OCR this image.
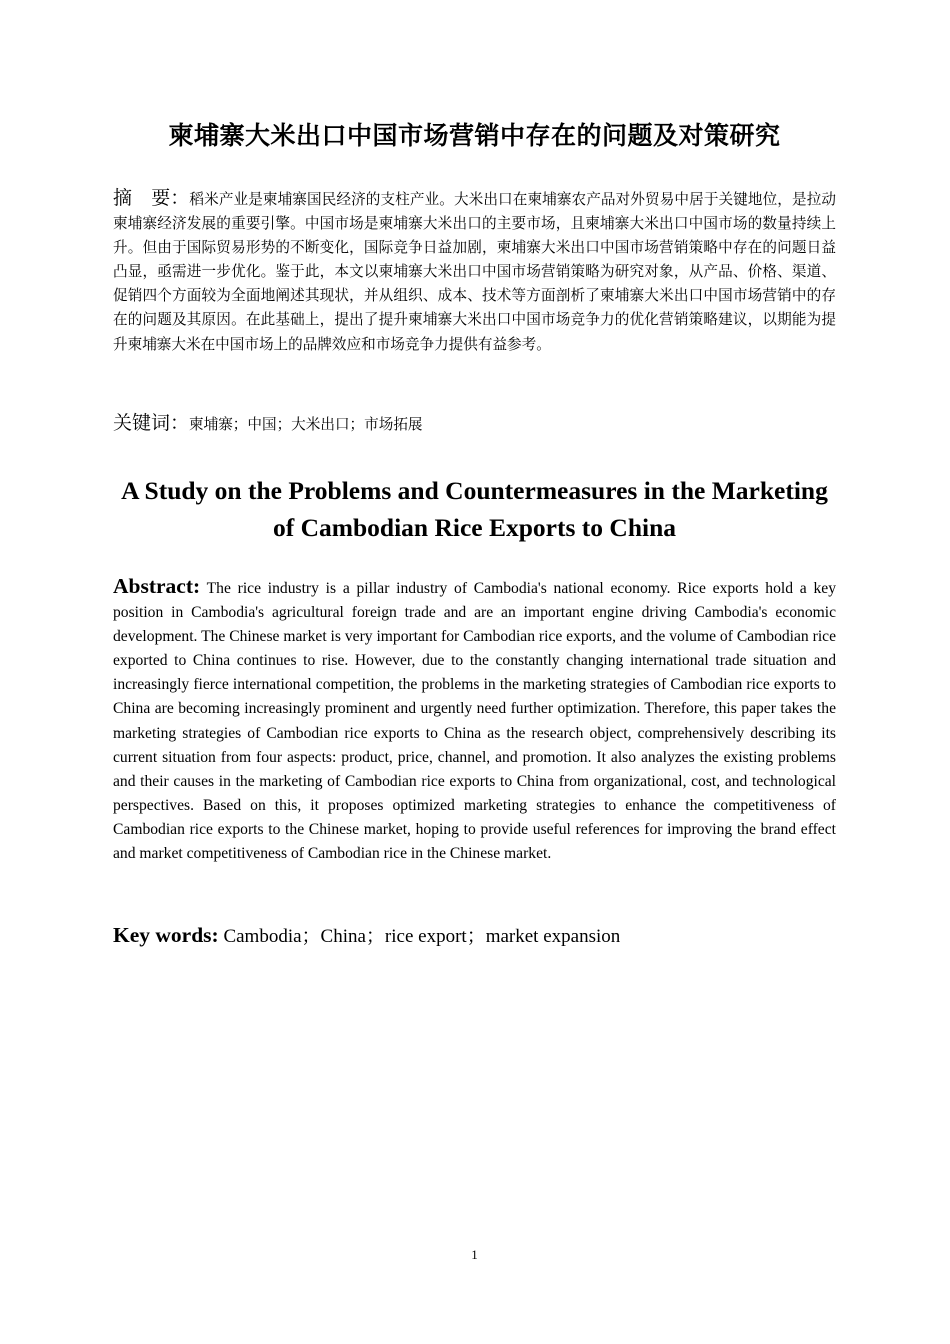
柬埔寨大米出口中国市场营销中存在的问题及对策研究
摘　要：稻米产业是柬埔寨国民经济的支柱产业。大米出口在柬埔寨农产品对外贸易中居于关键地位，是拉动柬埔寨经济发展的重要引擎。中国市场是柬埔寨大米出口的主要市场，且柬埔寨大米出口中国市场的数量持续上升。但由于国际贸易形势的不断变化，国际竞争日益加剧，柬埔寨大米出口中国市场营销策略中存在的问题日益凸显，亟需进一步优化。鉴于此，本文以柬埔寨大米出口中国市场营销策略为研究对象，从产品、价格、渠道、促销四个方面较为全面地阐述其现状，并从组织、成本、技术等方面剖析了柬埔寨大米出口中国市场营销中的存在的问题及其原因。在此基础上，提出了提升柬埔寨大米出口中国市场竞争力的优化营销策略建议，以期能为提升柬埔寨大米在中国市场上的品牌效应和市场竞争力提供有益参考。
关键词：柬埔寨；中国；大米出口；市场拓展
A Study on the Problems and Countermeasures in the Marketing
of Cambodian Rice Exports to China
Abstract: The rice industry is a pillar industry of Cambodia's national economy. Rice exports hold a key position in Cambodia's agricultural foreign trade and are an important engine driving Cambodia's economic development. The Chinese market is very important for Cambodian rice exports, and the volume of Cambodian rice exported to China continues to rise. However, due to the constantly changing international trade situation and increasingly fierce international competition, the problems in the marketing strategies of Cambodian rice exports to China are becoming increasingly prominent and urgently need further optimization. Therefore, this paper takes the marketing strategies of Cambodian rice exports to China as the research object, comprehensively describing its current situation from four aspects: product, price, channel, and promotion. It also analyzes the existing problems and their causes in the marketing of Cambodian rice exports to China from organizational, cost, and technological perspectives. Based on this, it proposes optimized marketing strategies to enhance the competitiveness of Cambodian rice exports to the Chinese market, hoping to provide useful references for improving the brand effect and market competitiveness of Cambodian rice in the Chinese market.
Key words: Cambodia；China；rice export；market expansion
1
